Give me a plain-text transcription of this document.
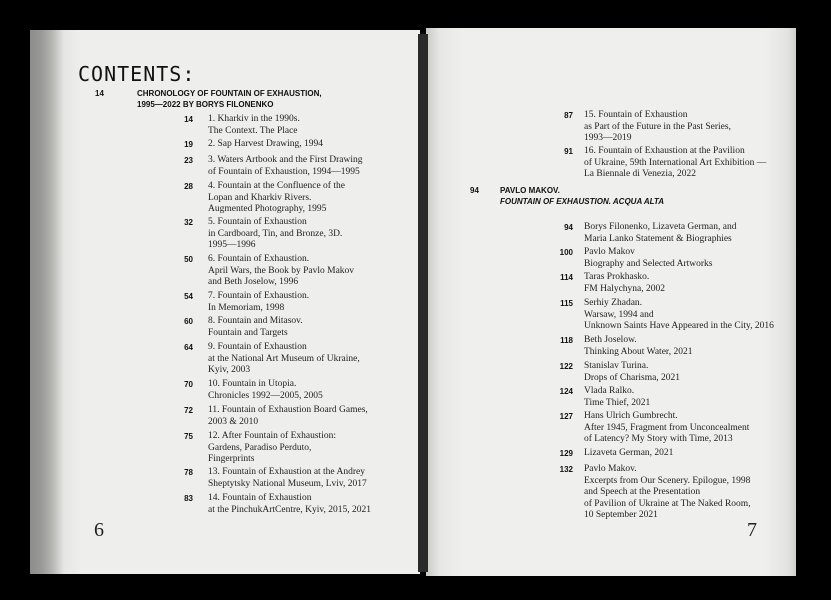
CONTENTS:
14	CHRONOLOGY OF FOUNTAIN OF EXHAUSTION,
1995—2022 BY BORYS FILONENKO
14 1. Kharkiv in the 1990s.
The Context. The Place
19 2. Sap Harvest Drawing, 1994
23 3. Waters Artbook and the First Drawing
of Fountain of Exhaustion, 1994—1995
28 4. Fountain at the Confluence of the
Lopan and Kharkiv Rivers.
Augmented Photography, 1995
32 5. Fountain of Exhaustion
in Cardboard, Tin, and Bronze, 3D.
1995—1996
50 6. Fountain of Exhaustion.
April Wars, the Book by Pavlo Makov
and Beth Joselow, 1996
54 7. Fountain of Exhaustion.
In Memoriam, 1998
60 8. Fountain and Mitasov.
Fountain and Targets
64 9. Fountain of Exhaustion
at the National Art Museum of Ukraine,
Kyiv, 2003
70 10. Fountain in Utopia.
Chronicles 1992—2005, 2005
72 11. Fountain of Exhaustion Board Games,
2003 & 2010
75 12. After Fountain of Exhaustion:
Gardens, Paradiso Perduto,
Fingerprints
78 13. Fountain of Exhaustion at the Andrey
Sheptytsky National Museum, Lviv, 2017
83 14. Fountain of Exhaustion
at the PinchukArtCentre, Kyiv, 2015, 2021
87 15. Fountain of Exhaustion
as Part of the Future in the Past Series,
1993—2019
91 16. Fountain of Exhaustion at the Pavilion
of Ukraine, 59th International Art Exhibition —
La Biennale di Venezia, 2022
94	PAVLO MAKOV.
FOUNTAIN OF EXHAUSTION. ACQUA ALTA
94 Borys Filonenko, Lizaveta German, and
Maria Lanko Statement & Biographies
100 Pavlo Makov
Biography and Selected Artworks
114 Taras Prokhasko.
FM Halychyna, 2002
115 Serhiy Zhadan.
Warsaw, 1994 and
Unknown Saints Have Appeared in the City, 2016
118 Beth Joselow.
Thinking About Water, 2021
122 Stanislav Turina.
Drops of Charisma, 2021
124 Vlada Ralko.
Time Thief, 2021
127 Hans Ulrich Gumbrecht.
After 1945, Fragment from Unconcealment
of Latency? My Story with Time, 2013
129 Lizaveta German, 2021
132 Pavlo Makov.
Excerpts from Our Scenery. Epilogue, 1998
and Speech at the Presentation
of Pavilion of Ukraine at The Naked Room,
10 September 2021
6	7
